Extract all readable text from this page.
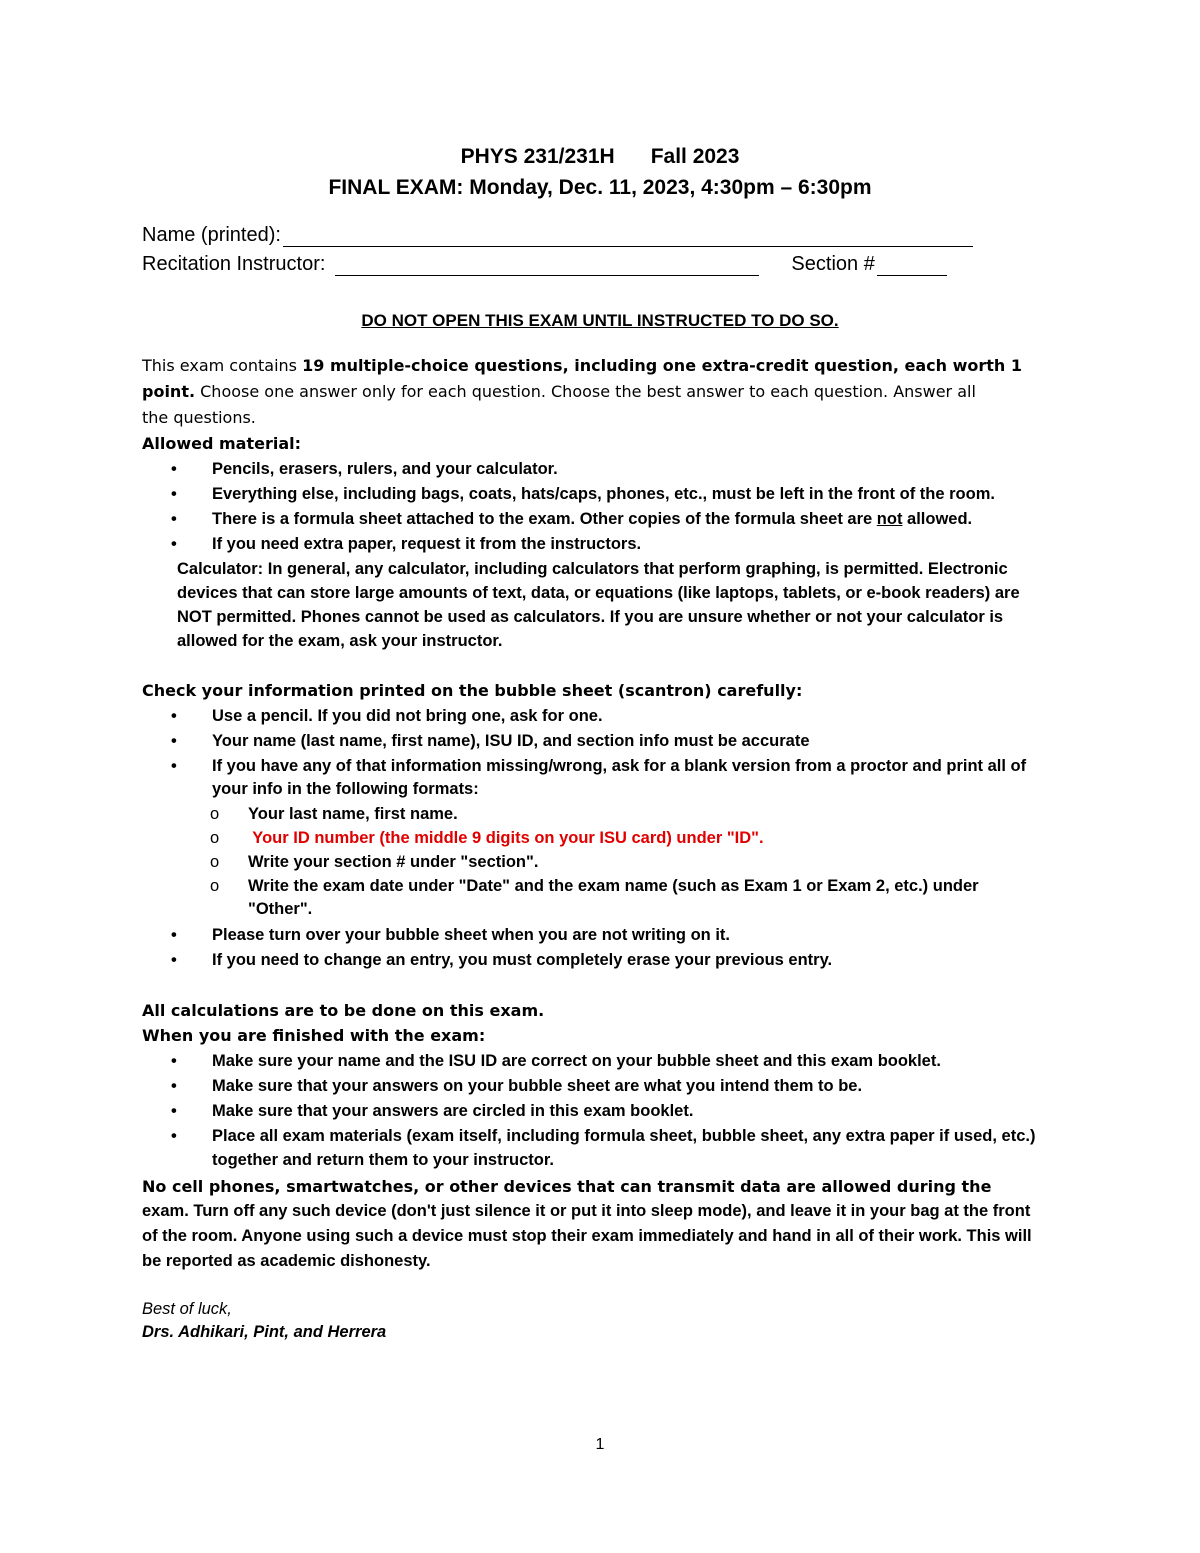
PHYS 231/231H Fall 2023
FINAL EXAM: Monday, Dec. 11, 2023, 4:30pm – 6:30pm
Name (printed):
Recitation Instructor:	Section #
DO NOT OPEN THIS EXAM UNTIL INSTRUCTED TO DO SO.
This exam contains 19 multiple-choice questions, including one extra-credit question, each worth 1
point. Choose one answer only for each question. Choose the best answer to each question. Answer all
the questions.
Allowed material:
• Pencils, erasers, rulers, and your calculator.
• Everything else, including bags, coats, hats/caps, phones, etc., must be left in the front of the room.
• There is a formula sheet attached to the exam. Other copies of the formula sheet are not allowed.
• If you need extra paper, request it from the instructors.
Calculator: In general, any calculator, including calculators that perform graphing, is permitted. Electronic
devices that can store large amounts of text, data, or equations (like laptops, tablets, or e-book readers) are
NOT permitted. Phones cannot be used as calculators. If you are unsure whether or not your calculator is
allowed for the exam, ask your instructor.
Check your information printed on the bubble sheet (scantron) carefully:
• Use a pencil. If you did not bring one, ask for one.
• Your name (last name, first name), ISU ID, and section info must be accurate
• If you have any of that information missing/wrong, ask for a blank version from a proctor and print all of
your info in the following formats:
o Your last name, first name.
o Your ID number (the middle 9 digits on your ISU card) under "ID".
o Write your section # under "section".
o Write the exam date under "Date" and the exam name (such as Exam 1 or Exam 2, etc.) under
"Other".
• Please turn over your bubble sheet when you are not writing on it.
• If you need to change an entry, you must completely erase your previous entry.
All calculations are to be done on this exam.
When you are finished with the exam:
• Make sure your name and the ISU ID are correct on your bubble sheet and this exam booklet.
• Make sure that your answers on your bubble sheet are what you intend them to be.
• Make sure that your answers are circled in this exam booklet.
• Place all exam materials (exam itself, including formula sheet, bubble sheet, any extra paper if used, etc.)
together and return them to your instructor.
No cell phones, smartwatches, or other devices that can transmit data are allowed during the
exam. Turn off any such device (don't just silence it or put it into sleep mode), and leave it in your bag at the front
of the room. Anyone using such a device must stop their exam immediately and hand in all of their work. This will
be reported as academic dishonesty.
Best of luck,
Drs. Adhikari, Pint, and Herrera
1
